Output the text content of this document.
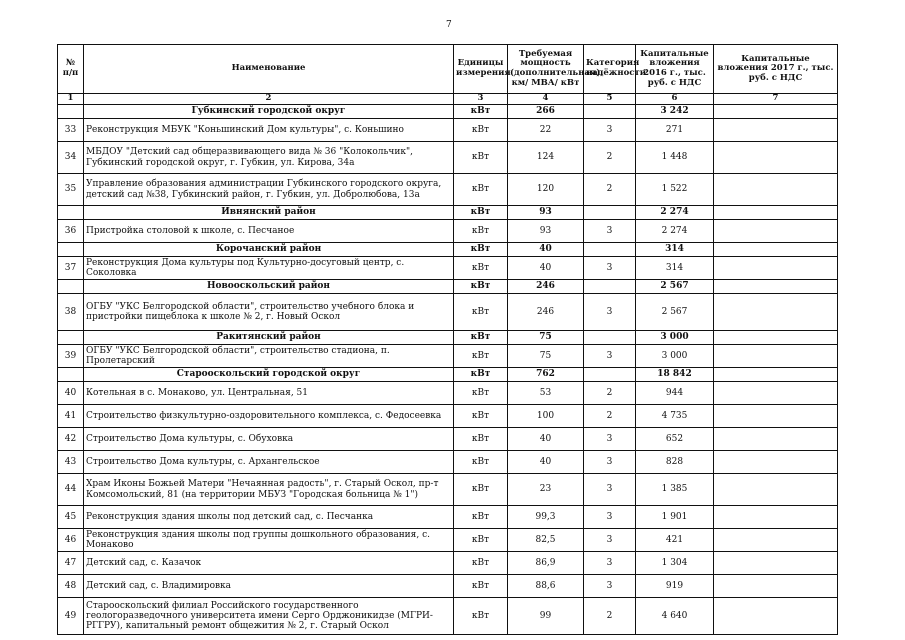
7
№ п/п	Наименование	Единицы измерения	Требуемая мощность (дополнительная), км/ МВА/ кВт	Категория надёжности	Капитальные вложения 2016 г., тыс. руб. с НДС	Капитальные вложения 2017 г., тыс. руб. с НДС
1	2	3	4	5	6	7
	Губкинский городской округ	кВт	266		3 242	
33	Реконструкция МБУК "Коньшинский Дом культуры", с. Коньшино	кВт	22	3	271	
34	МБДОУ "Детский сад общеразвивающего вида № 36 "Колокольчик", Губкинский городской округ, г. Губкин, ул. Кирова, 34а	кВт	124	2	1 448	
35	Управление образования администрации Губкинского городского округа, детский сад №38, Губкинский район, г. Губкин, ул. Добролюбова, 13а	кВт	120	2	1 522	
	Ивнянский район	кВт	93		2 274	
36	Пристройка столовой к школе, с. Песчаное	кВт	93	3	2 274	
	Корочанский район	кВт	40		314	
37	Реконструкция Дома культуры под Культурно-досуговый центр, с. Соколовка	кВт	40	3	314	
	Новооскольский район	кВт	246		2 567	
38	ОГБУ "УКС Белгородской области", строительство учебного блока и пристройки пищеблока к школе № 2, г. Новый Оскол	кВт	246	3	2 567	
	Ракитянский район	кВт	75		3 000	
39	ОГБУ "УКС Белгородской области", строительство стадиона, п. Пролетарский	кВт	75	3	3 000	
	Старооскольский городской округ	кВт	762		18 842	
40	Котельная в с. Монаково, ул. Центральная, 51	кВт	53	2	944	
41	Строительство физкультурно-оздоровительного комплекса, с. Федосеевка	кВт	100	2	4 735	
42	Строительство Дома культуры, с. Обуховка	кВт	40	3	652	
43	Строительство Дома культуры, с. Архангельское	кВт	40	3	828	
44	Храм Иконы Божьей Матери "Нечаянная радость", г. Старый Оскол, пр-т Комсомольский, 81 (на территории МБУЗ "Городская больница № 1")	кВт	23	3	1 385	
45	Реконструкция здания школы под детский сад, с. Песчанка	кВт	99,3	3	1 901	
46	Реконструкция здания школы под группы дошкольного образования, с. Монаково	кВт	82,5	3	421	
47	Детский сад, с. Казачок	кВт	86,9	3	1 304	
48	Детский сад, с. Владимировка	кВт	88,6	3	919	
49	Старооскольский филиал Российского государственного геологоразведочного университета имени Серго Орджоникидзе (МГРИ-РГГРУ), капитальный ремонт общежития № 2, г. Старый Оскол	кВт	99	2	4 640	
